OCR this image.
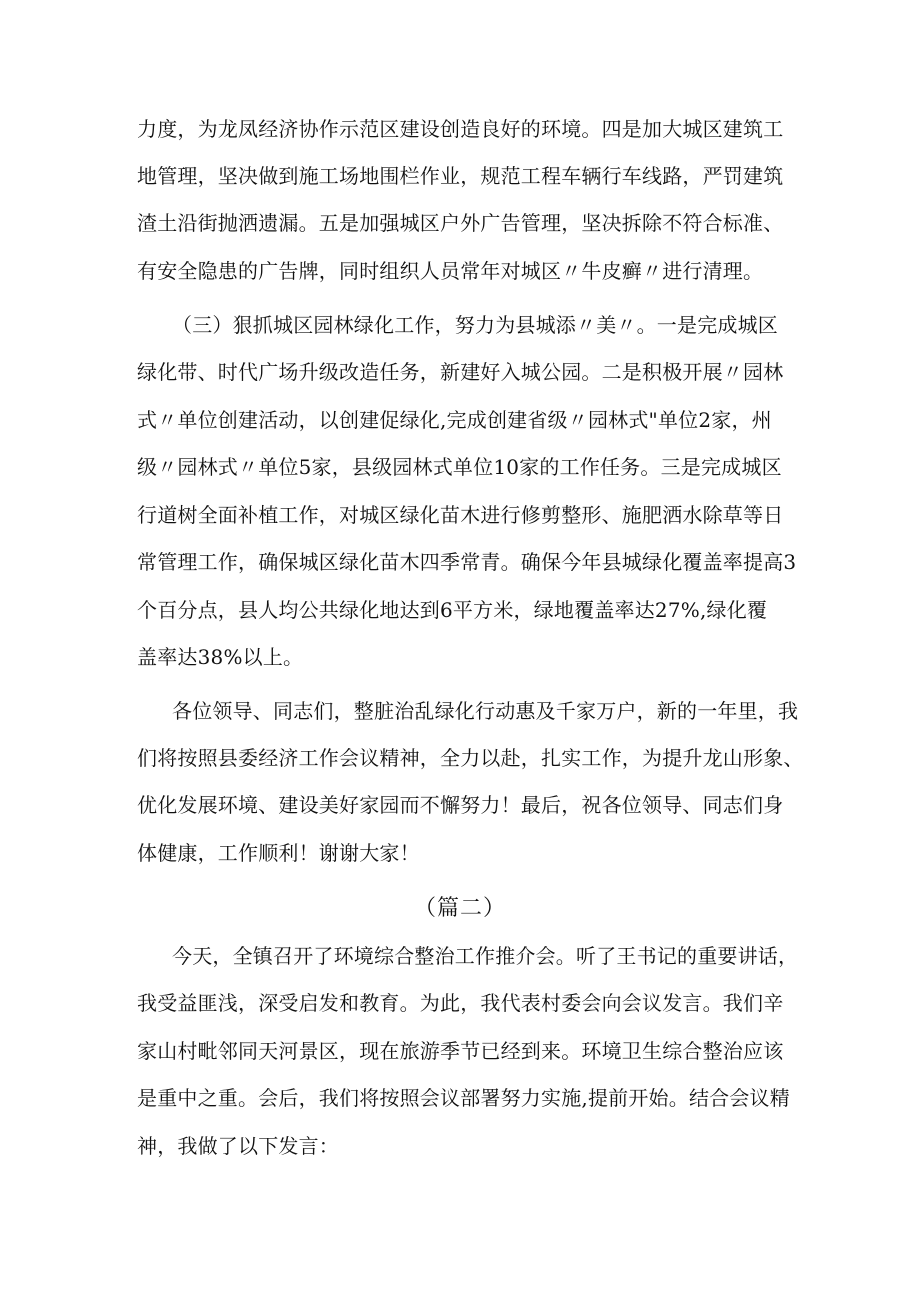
力度，为龙凤经济协作示范区建设创造良好的环境。四是加大城区建筑工
地管理，坚决做到施工场地围栏作业，规范工程车辆行车线路，严罚建筑
渣土沿街抛洒遗漏。五是加强城区户外广告管理，坚决拆除不符合标准、
有安全隐患的广告牌，同时组织人员常年对城区〃牛皮癣〃进行清理。
（三）狠抓城区园林绿化工作，努力为县城添〃美〃。一是完成城区
绿化带、时代广场升级改造任务，新建好入城公园。二是积极开展〃园林
式〃单位创建活动，以创建促绿化,完成创建省级〃园林式"单位2家，州
级〃园林式〃单位5家，县级园林式单位10家的工作任务。三是完成城区
行道树全面补植工作，对城区绿化苗木进行修剪整形、施肥洒水除草等日
常管理工作，确保城区绿化苗木四季常青。确保今年县城绿化覆盖率提高3
个百分点，县人均公共绿化地达到6平方米，绿地覆盖率达27%,绿化覆
盖率达38%以上。
各位领导、同志们，整脏治乱绿化行动惠及千家万户，新的一年里，我
们将按照县委经济工作会议精神，全力以赴，扎实工作，为提升龙山形象、
优化发展环境、建设美好家园而不懈努力！最后，祝各位领导、同志们身
体健康，工作顺利！谢谢大家！
（篇二）
今天，全镇召开了环境综合整治工作推介会。听了王书记的重要讲话，
我受益匪浅，深受启发和教育。为此，我代表村委会向会议发言。我们辛
家山村毗邻同天河景区，现在旅游季节已经到来。环境卫生综合整治应该
是重中之重。会后，我们将按照会议部署努力实施,提前开始。结合会议精
神，我做了以下发言：
